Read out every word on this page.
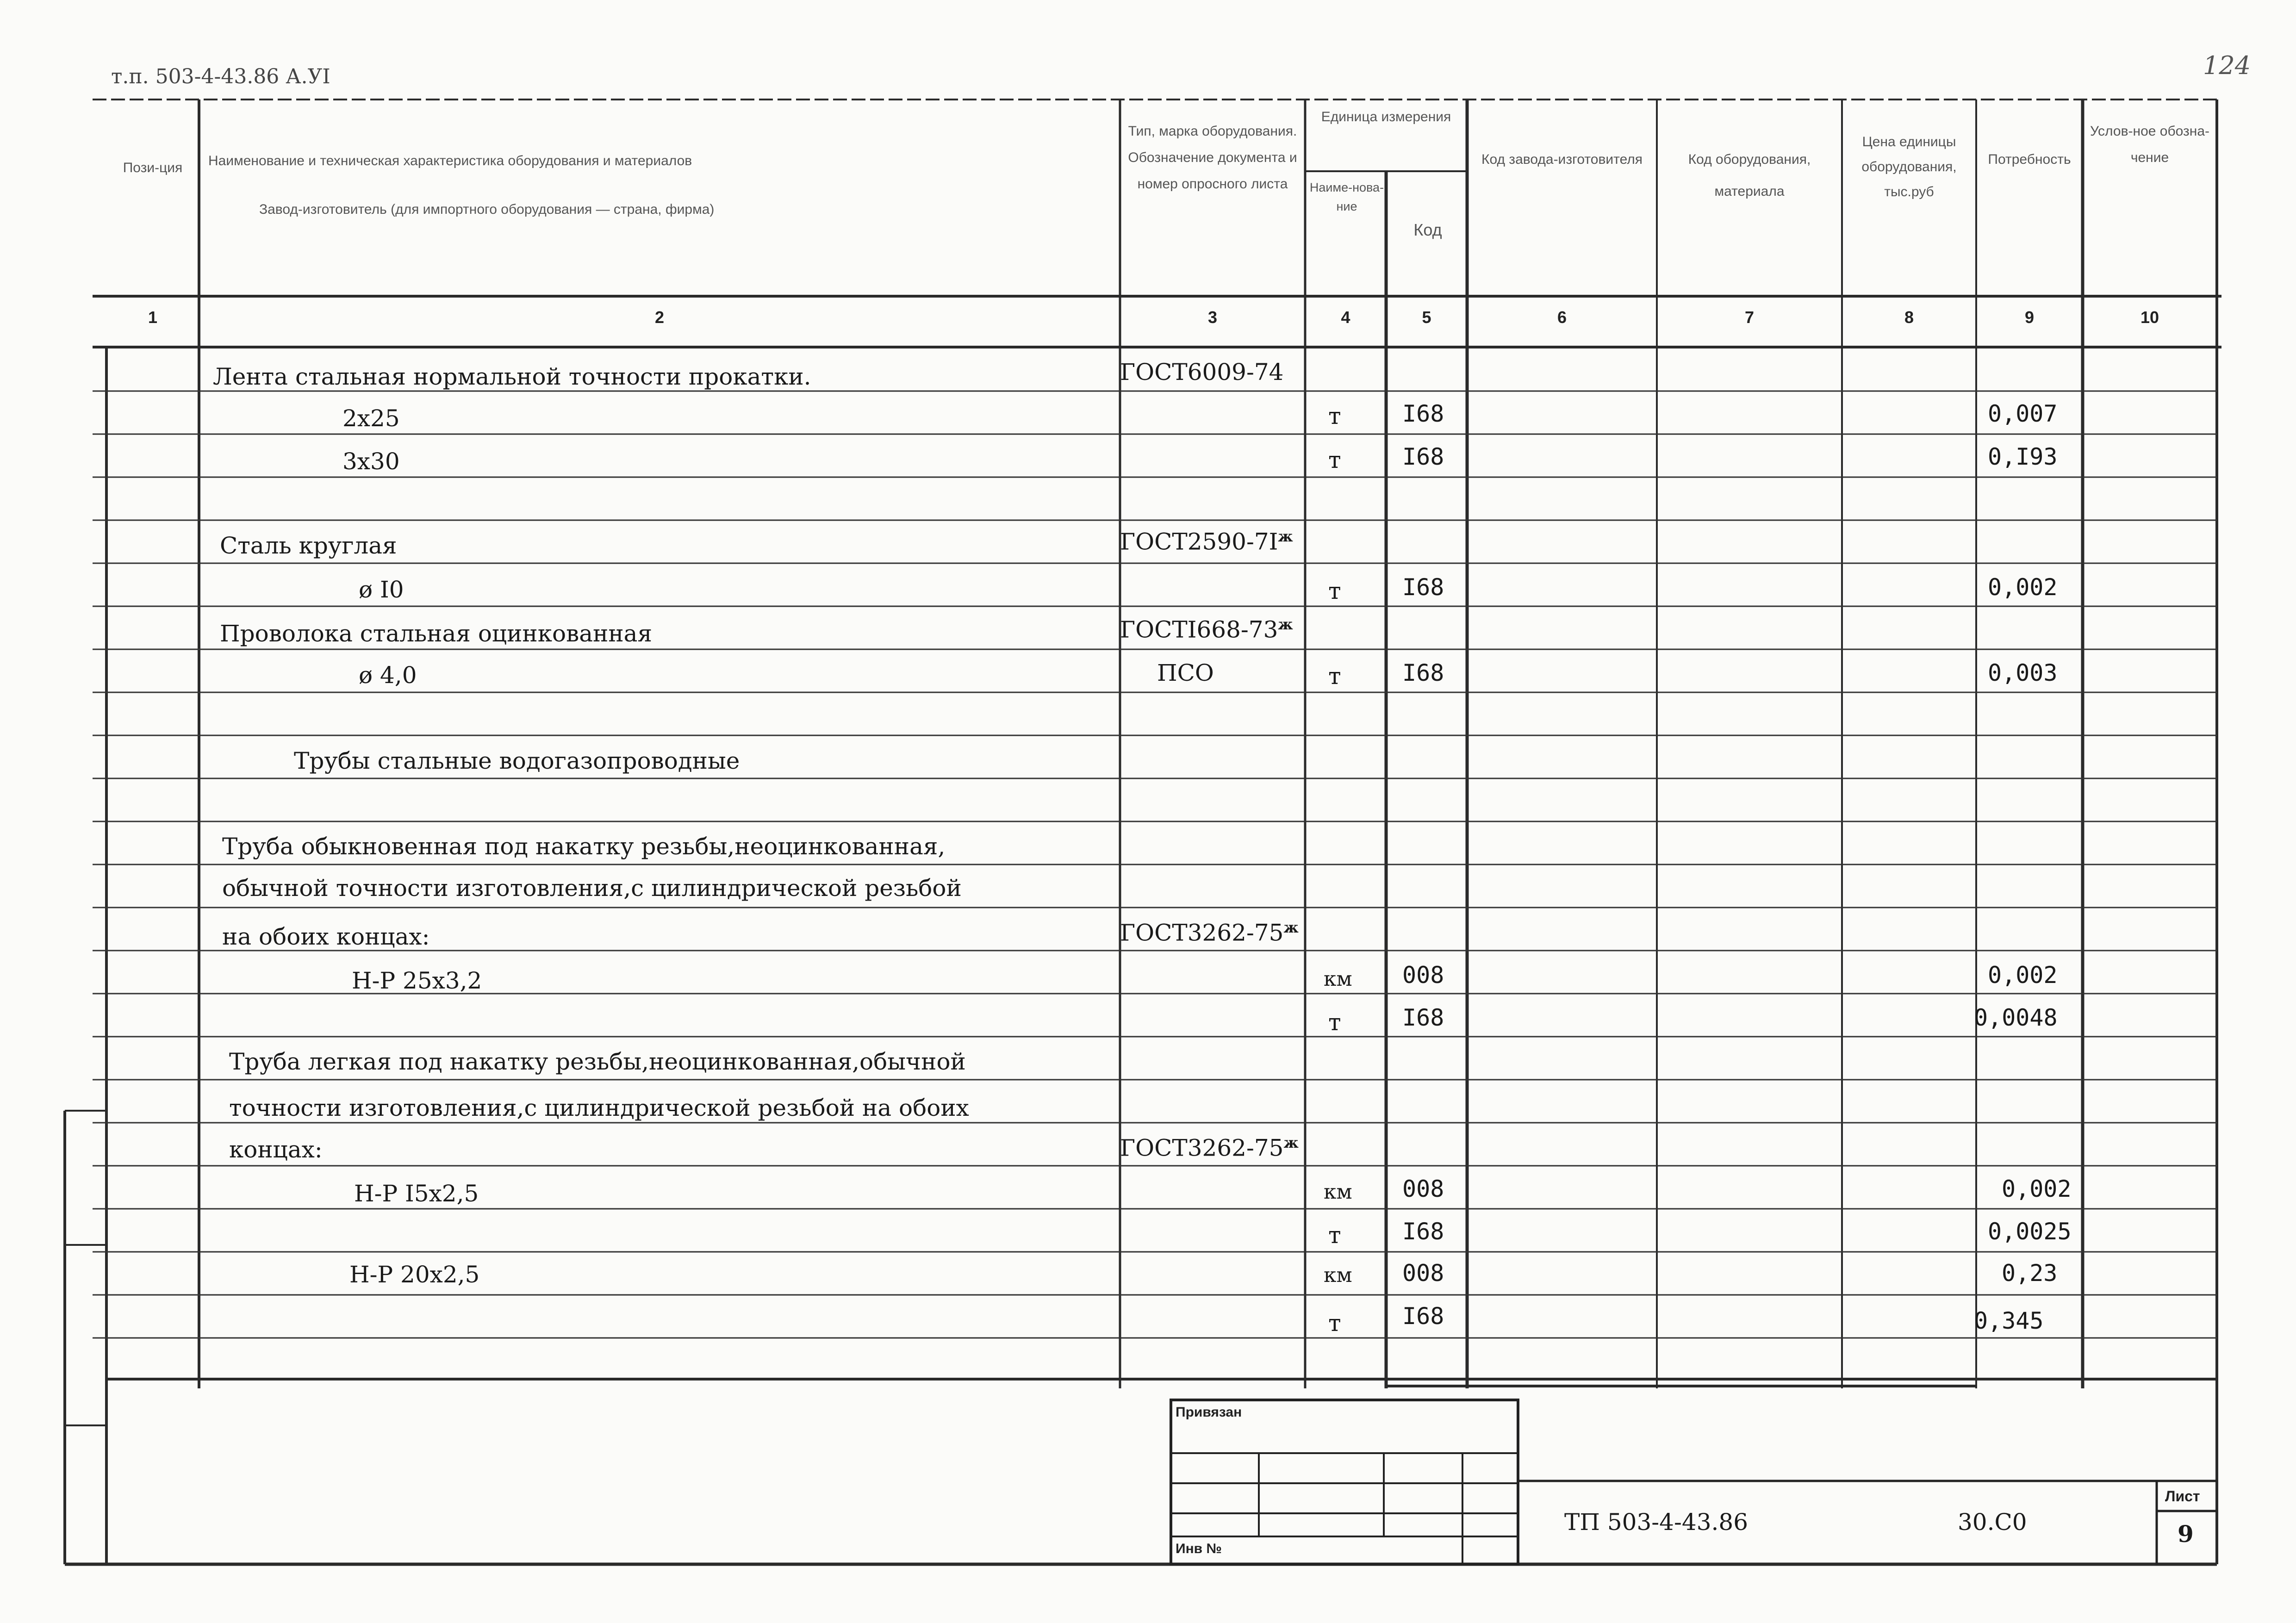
т.п. 503-4-43.86 А.УI	124
Пози-ция	Наименование и техническая характеристика оборудования и материалов
Завод-изготовитель (для импортного оборудования — страна, фирма)
Тип, марка оборудования. Обозначение документа и номер опросного листа
Единица измерения
Наиме-нова-ние
Код
Код завода-изготовителя	Код оборудования, материала
Цена единицы оборудования, тыс.руб
Потребность
Услов-ное обозна-чение
1	2	3	4	5	6	7	8	9	10
Лента стальная нормальной точности прокатки.	ГОСТ6009-74
2х25	т	I68	0,007
3х30	т	I68	0,I93
Сталь круглая	$ГОСТ2590-7I^ж$
ø I0	т	I68	0,002
Проволока стальная оцинкованная	$ГОСТI668-73^ж$
ø 4,0	ПСО	т	I68	0,003
Трубы стальные водогазопроводные
Труба обыкновенная под накатку резьбы,неоцинкованная,
обычной точности изготовления,с цилиндрической резьбой
на обоих концах:	$ГОСТ3262-75^ж$
Н-Р 25х3,2	км 008	0,002
т	I68	0,0048
Труба легкая под накатку резьбы,неоцинкованная,обычной
точности изготовления,с цилиндрической резьбой на обоих
концах:	$ГОСТ3262-75^ж$
Н-Р I5х2,5	км 008	0,002
т	I68	0,0025
Н-Р 20х2,5	км 008	0,23
т	I68	0,345
Привязан
Инв №
ТП 503-4-43.86	30.С0
Лист
9
